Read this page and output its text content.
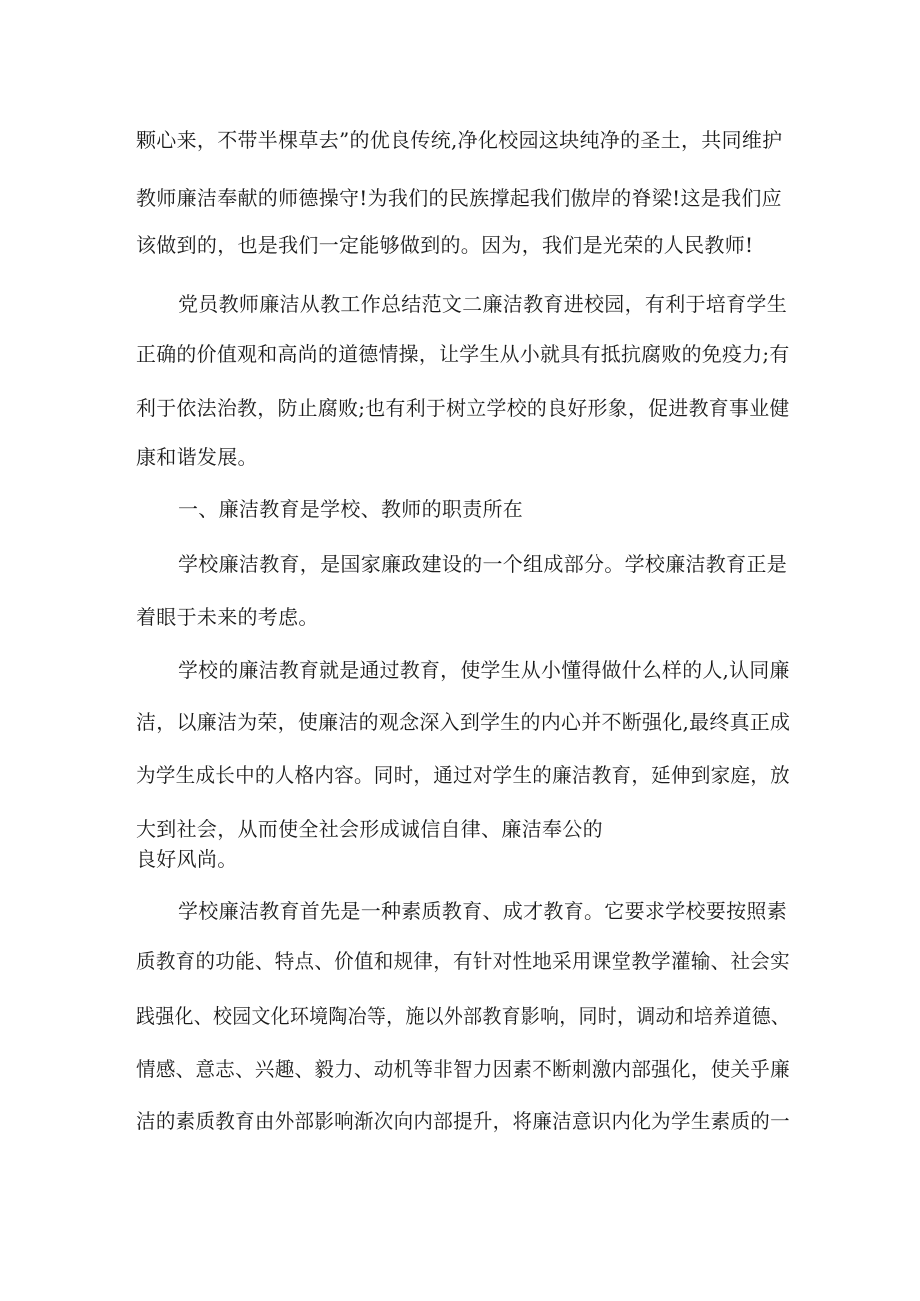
颗心来，不带半棵草去”的优良传统,净化校园这块纯净的圣土，共同维护
教师廉洁奉献的师德操守!为我们的民族撑起我们傲岸的脊梁!这是我们应
该做到的，也是我们一定能够做到的。因为，我们是光荣的人民教师!
党员教师廉洁从教工作总结范文二廉洁教育进校园，有利于培育学生
正确的价值观和高尚的道德情操，让学生从小就具有抵抗腐败的免疫力;有
利于依法治教，防止腐败;也有利于树立学校的良好形象，促进教育事业健
康和谐发展。
一、廉洁教育是学校、教师的职责所在
学校廉洁教育，是国家廉政建设的一个组成部分。学校廉洁教育正是
着眼于未来的考虑。
学校的廉洁教育就是通过教育，使学生从小懂得做什么样的人,认同廉
洁，以廉洁为荣，使廉洁的观念深入到学生的内心并不断强化,最终真正成
为学生成长中的人格内容。同时，通过对学生的廉洁教育，延伸到家庭，放
大到社会，从而使全社会形成诚信自律、廉洁奉公的
良好风尚。
学校廉洁教育首先是一种素质教育、成才教育。它要求学校要按照素
质教育的功能、特点、价值和规律，有针对性地采用课堂教学灌输、社会实
践强化、校园文化环境陶冶等，施以外部教育影响，同时，调动和培养道德、
情感、意志、兴趣、毅力、动机等非智力因素不断刺激内部强化，使关乎廉
洁的素质教育由外部影响渐次向内部提升，将廉洁意识内化为学生素质的一
